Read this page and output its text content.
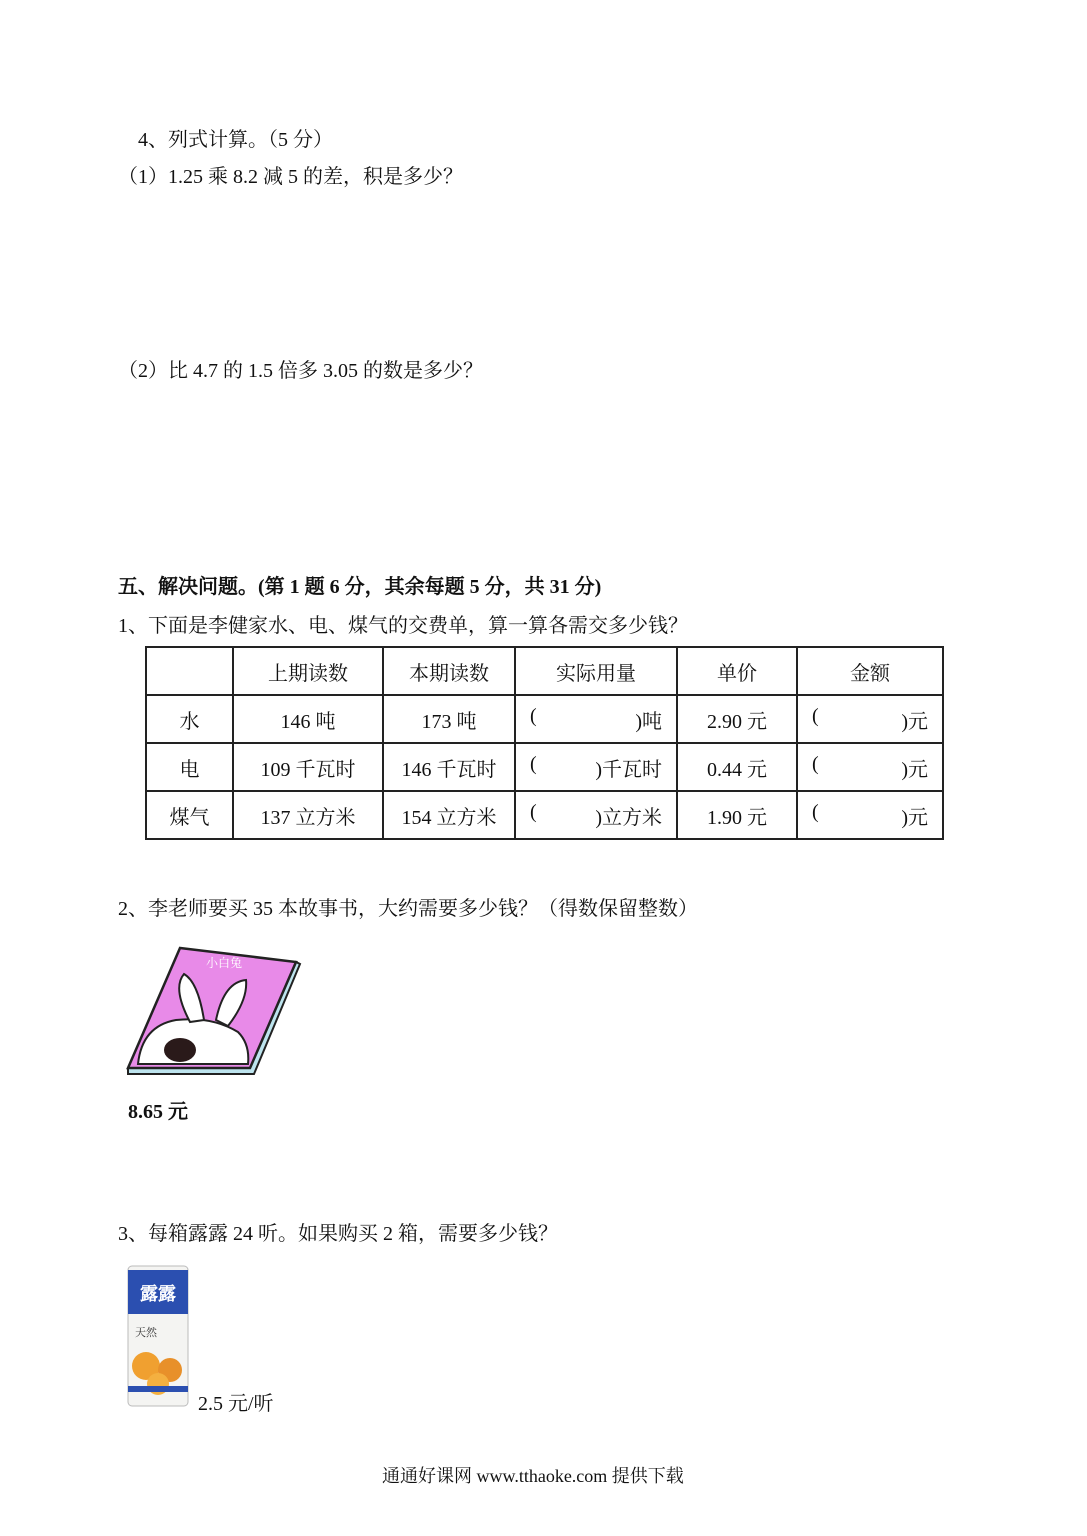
4、列式计算。（5 分）
（1）1.25 乘 8.2 减 5 的差，积是多少？
（2）比 4.7 的 1.5 倍多 3.05 的数是多少？
五、解决问题。(第 1 题 6 分，其余每题 5 分，共 31 分)
1、下面是李健家水、电、煤气的交费单，算一算各需交多少钱？
	上期读数	本期读数	实际用量	单价	金额
水	146 吨	173 吨	( )吨	2.90 元	( )元

电	109 千瓦时	146 千瓦时	( )千瓦时	0.44 元	( )元

煤气	137 立方米	154 立方米	( )立方米	1.90 元	( )元
2、李老师要买 35 本故事书，大约需要多少钱？（得数保留整数）
小白兔
8.65 元
3、每箱露露 24 听。如果购买 2 箱，需要多少钱？
露露
天然
2.5 元/听
通通好课网 www.tthaoke.com 提供下载
